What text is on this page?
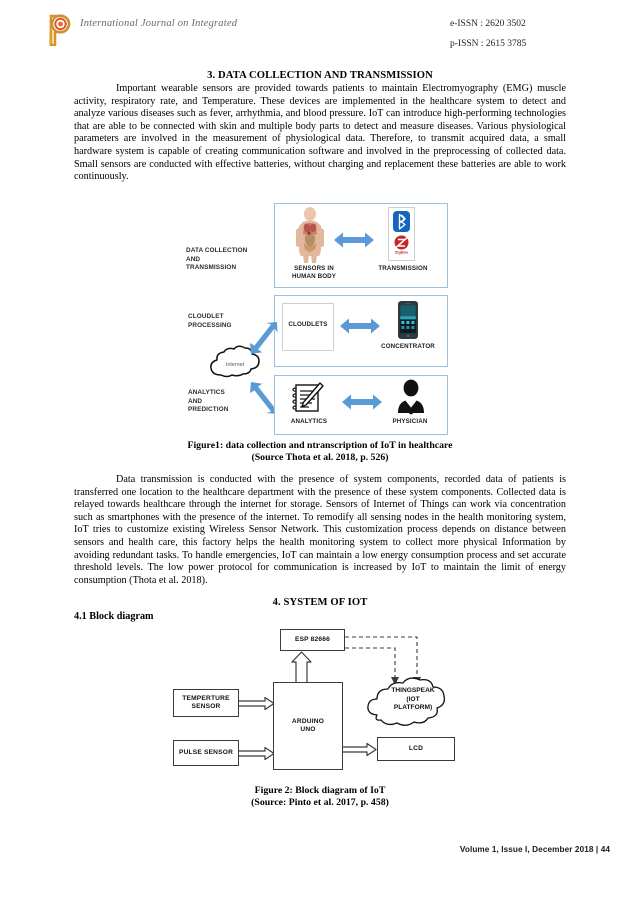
International Journal on Integrated	e-ISSN : 2620 3502
p-ISSN : 2615 3785
3. DATA COLLECTION AND TRANSMISSION

Important wearable sensors are provided towards patients to maintain Electromyography (EMG) muscle activity, respiratory rate, and Temperature. These devices are implemented in the healthcare system to detect and analyze various diseases such as fever, arrhythmia, and blood pressure. IoT can introduce high-performing technologies that are able to be connected with skin and multiple body parts to detect and measure diseases. Various physiological parameters are involved in the measurement of physiological data. Therefore, to transmit acquired data, a small hardware system is capable of creating communication software and involved in the preprocessing of collected data. Small sensors are conducted with effective batteries, without charging and replacement these batteries are able to work continuously.

DATA COLLECTION
AND
TRANSMISSION
CLOUDLET
PROCESSING
ANALYTICS
AND
PREDICTION
SENSORS IN
HUMAN BODY
ZigBee
TRANSMISSION
CLOUDLETS
CONCENTRATOR
Internet
ANALYTICS	PHYSICIAN
Figure1: data collection and ntranscription of IoT in healthcare
(Source Thota et al. 2018, p. 526)

Data transmission is conducted with the presence of system components, recorded data of patients is transferred one location to the healthcare department with the presence of these system components. Collected data is relayed towards healthcare through the internet for storage. Sensors of Internet of Things can work via concentration such as smartphones with the presence of the internet. To remodify all sensing nodes in the health monitoring system, IoT tries to customize existing Wireless Sensor Network. This customization process depends on distance between sensors and health care, this factory helps the health monitoring system to collect more physical Information by avoiding redundant tasks. To handle emergencies, IoT can maintain a low energy consumption process and set accurate threshold levels. The low power protocol for communication is increased by IoT to maintain the limit of energy consumption (Thota et al. 2018).

4. SYSTEM OF IOT
4.1 Block diagram
ESP 82666
TEMPERTURE
SENSOR
PULSE SENSOR
ARDUINO
UNO
THINGSPEAK
(IOT
PLATFORM)
LCD
Figure 2: Block diagram of IoT
(Source: Pinto et al. 2017, p. 458)
Volume 1, Issue I, December 2018 | 44
